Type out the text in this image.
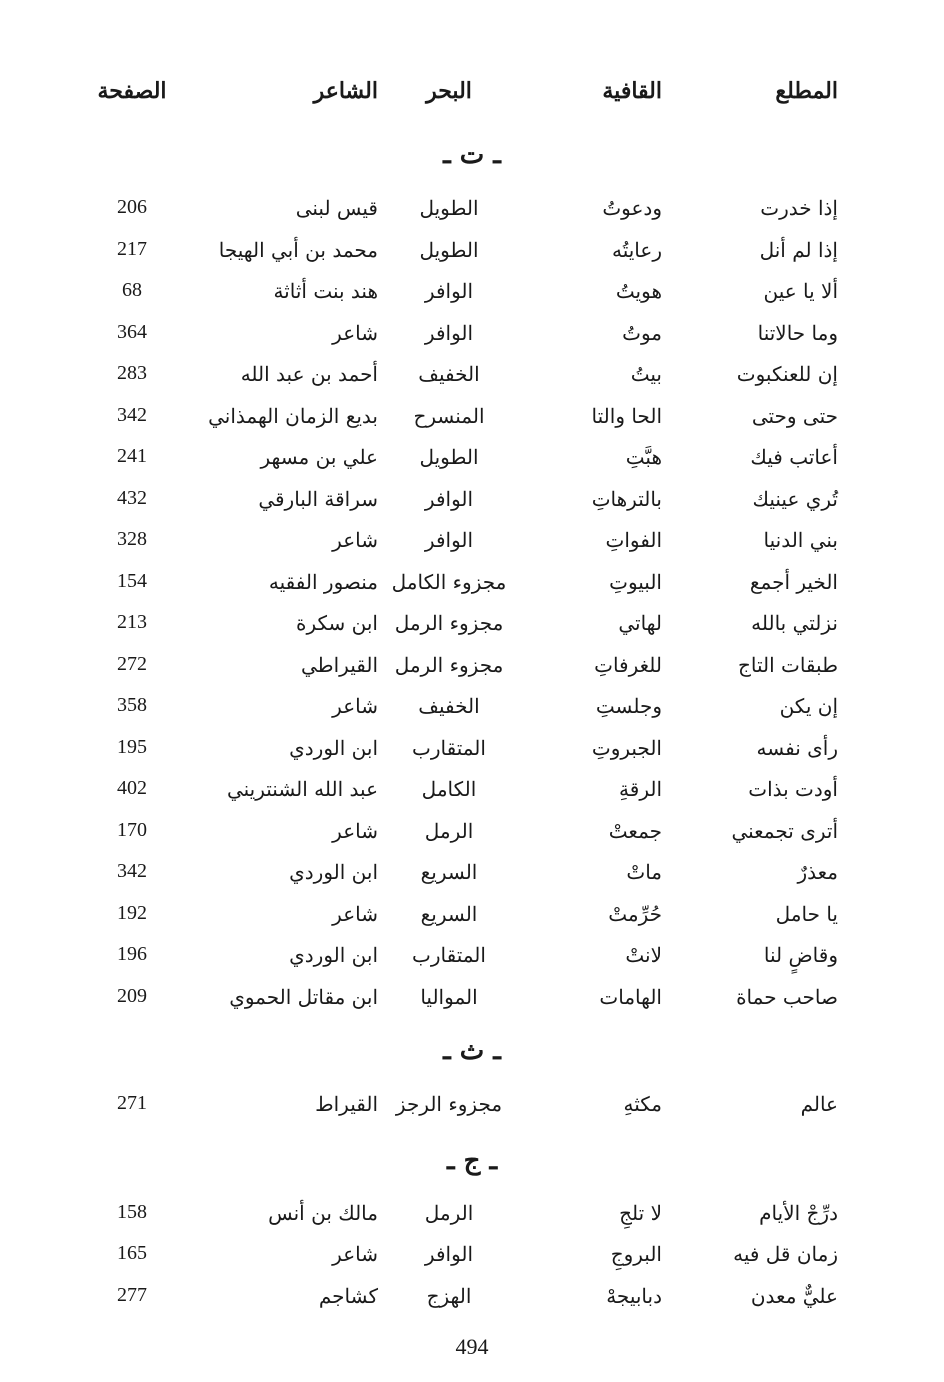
المطلع
القافية
البحر
الشاعر
الصفحة
ـ ت ـ
إذا خدرت
ودعوتُ
الطويل
قيس لبنى
206
إذا لم أنل
رعايتُه
الطويل
محمد بن أبي الهيجا
217
ألا يا عين
هويتُ
الوافر
هند بنت أثاثة
68
وما حالاتنا
موتُ
الوافر
شاعر
364
إن للعنكبوت
بيتُ
الخفيف
أحمد بن عبد الله
283
حتى وحتى
الحا والتا
المنسرح
بديع الزمان الهمذاني
342
أعاتب فيك
هبَّتِ
الطويل
علي بن مسهر
241
تُري عينيك
بالترهاتِ
الوافر
سراقة البارقي
432
بني الدنيا
الفواتِ
الوافر
شاعر
328
الخير أجمع
البيوتِ
مجزوء الكامل
منصور الفقيه
154
نزلتي بالله
لهاتي
مجزوء الرمل
ابن سكرة
213
طبقات التاج
للغرفاتِ
مجزوء الرمل
القيراطي
272
إن يكن
وجلستِ
الخفيف
شاعر
358
رأى نفسه
الجبروتِ
المتقارب
ابن الوردي
195
أودت بذات
الرقةِ
الكامل
عبد الله الشنتريني
402
أترى تجمعني
جمعتْ
الرمل
شاعر
170
معذرٌ
ماتْ
السريع
ابن الوردي
342
يا حامل
حُرِّمتْ
السريع
شاعر
192
وقاضٍ لنا
لانتْ
المتقارب
ابن الوردي
196
صاحب حماة
الهامات
المواليا
ابن مقاتل الحموي
209
ـ ث ـ
عالم
مكثهِ
مجزوء الرجز
القيراط
271
ـ ج ـ
درِّجْ الأيام
لا تلجِ
الرمل
مالك بن أنس
158
زمان قل فيه
البروجِ
الوافر
شاعر
165
عليٌّ معدن
دبابيجهْ
الهزج
كشاجم
277
494
